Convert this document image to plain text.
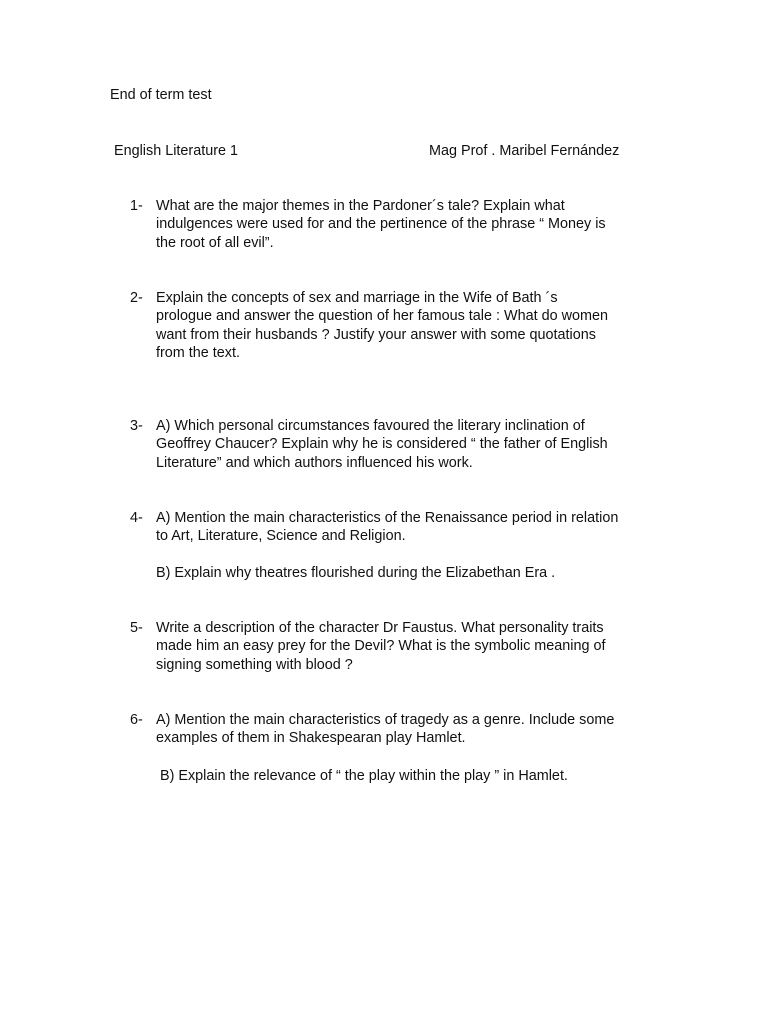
End of term test
English Literature 1	Mag Prof . Maribel Fernández
1- What are the major themes in the Pardoner´s tale? Explain what
indulgences were used for and the pertinence of the phrase “ Money is
the root of all evil”.
2- Explain the concepts of sex and marriage in the Wife of Bath ´s
prologue and answer the question of her famous tale : What do women
want from their husbands ? Justify your answer with some quotations
from the text.
3- A) Which personal circumstances favoured the literary inclination of
Geoffrey Chaucer? Explain why he is considered “ the father of English
Literature” and which authors influenced his work.
4- A) Mention the main characteristics of the Renaissance period in relation
to Art, Literature, Science and Religion.
B) Explain why theatres flourished during the Elizabethan Era .
5- Write a description of the character Dr Faustus. What personality traits
made him an easy prey for the Devil? What is the symbolic meaning of
signing something with blood ?
6- A) Mention the main characteristics of tragedy as a genre. Include some
examples of them in Shakespearan play Hamlet.
B) Explain the relevance of “ the play within the play ” in Hamlet.
